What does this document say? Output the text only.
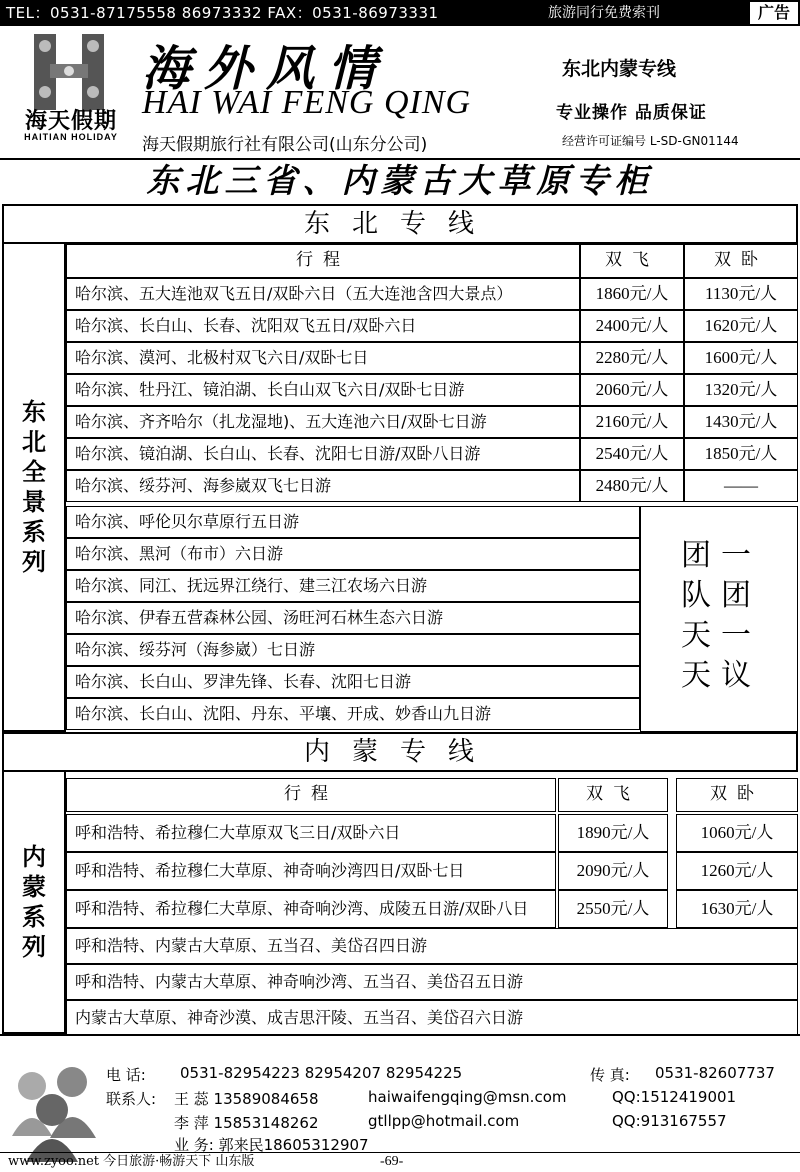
TEL：0531-87175558 86973332 FAX：0531-86973331	旅游同行免费索刊	广告
海天假期
HAITIAN HOLIDAY
海外风情
HAI WAI FENG QING
海天假期旅行社有限公司(山东分公司)
东北内蒙专线
专业操作 品质保证
经营许可证编号 L-SD-GN01144
东北三省、内蒙古大草原专柜
东北专线
东北全景系列
行程	双飞	双卧
哈尔滨、五大连池双飞五日/双卧六日（五大连池含四大景点）	1860元/人	1130元/人
哈尔滨、长白山、长春、沈阳双飞五日/双卧六日	2400元/人	1620元/人
哈尔滨、漠河、北极村双飞六日/双卧七日	2280元/人	1600元/人
哈尔滨、牡丹江、镜泊湖、长白山双飞六日/双卧七日游	2060元/人	1320元/人
哈尔滨、齐齐哈尔（扎龙湿地)、五大连池六日/双卧七日游	2160元/人	1430元/人
哈尔滨、镜泊湖、长白山、长春、沈阳七日游/双卧八日游	2540元/人	1850元/人
哈尔滨、绥芬河、海参崴双飞七日游	2480元/人	——
哈尔滨、呼伦贝尔草原行五日游
哈尔滨、黑河（布市）六日游
哈尔滨、同江、抚远界江绕行、建三江农场六日游
哈尔滨、伊春五营森林公园、汤旺河石林生态六日游
哈尔滨、绥芬河（海参崴）七日游
哈尔滨、长白山、罗津先锋、长春、沈阳七日游
哈尔滨、长白山、沈阳、丹东、平壤、开成、妙香山九日游
团队天天
一团一议
内蒙专线
内蒙系列
行程	双飞	双卧
呼和浩特、希拉穆仁大草原双飞三日/双卧六日	1890元/人	1060元/人
呼和浩特、希拉穆仁大草原、神奇响沙湾四日/双卧七日	2090元/人	1260元/人
呼和浩特、希拉穆仁大草原、神奇响沙湾、成陵五日游/双卧八日	2550元/人	1630元/人
呼和浩特、内蒙古大草原、五当召、美岱召四日游
呼和浩特、内蒙古大草原、神奇响沙湾、五当召、美岱召五日游
内蒙古大草原、神奇沙漠、成吉思汗陵、五当召、美岱召六日游
电 话: 0531-82954223 82954207 82954225	传 真: 0531-82607737
联系人: 王 蕊 13589084658	haiwaifengqing@msn.com	QQ:1512419001
李 萍 15853148262	gtllpp@hotmail.com	QQ:913167557
业 务: 郭来民18605312907
www.zyoo.net 今日旅游·畅游天下 山东版	-69-
